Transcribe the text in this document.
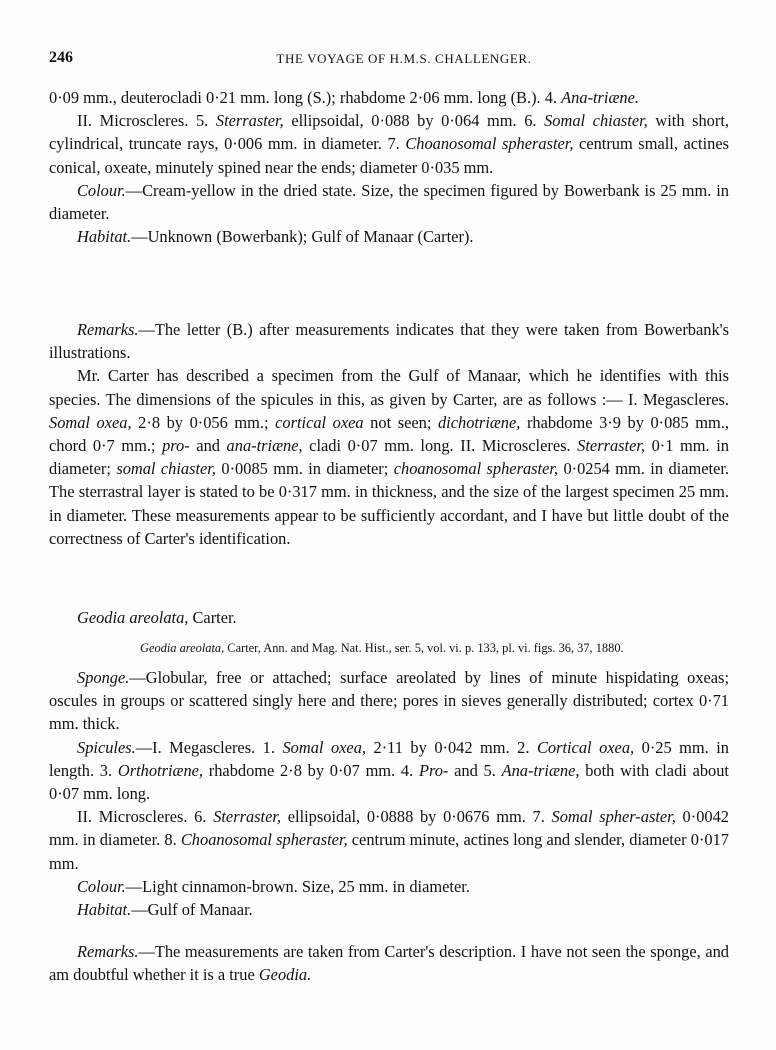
246	THE VOYAGE OF H.M.S. CHALLENGER.

0·09 mm., deuterocladi 0·21 mm. long (S.); rhabdome 2·06 mm. long (B.). 4. Ana-triæne.

II. Microscleres. 5. Sterraster, ellipsoidal, 0·088 by 0·064 mm. 6. Somal chiaster, with short, cylindrical, truncate rays, 0·006 mm. in diameter. 7. Choanosomal spheraster, centrum small, actines conical, oxeate, minutely spined near the ends; diameter 0·035 mm.

Colour.—Cream-yellow in the dried state. Size, the specimen figured by Bowerbank is 25 mm. in diameter.

Habitat.—Unknown (Bowerbank); Gulf of Manaar (Carter).

Remarks.—The letter (B.) after measurements indicates that they were taken from Bowerbank's illustrations.

Mr. Carter has described a specimen from the Gulf of Manaar, which he identifies with this species. The dimensions of the spicules in this, as given by Carter, are as follows :— I. Megascleres. Somal oxea, 2·8 by 0·056 mm.; cortical oxea not seen; dichotriæne, rhabdome 3·9 by 0·085 mm., chord 0·7 mm.; pro- and ana-triæne, cladi 0·07 mm. long. II. Microscleres. Sterraster, 0·1 mm. in diameter; somal chiaster, 0·0085 mm. in diameter; choanosomal spheraster, 0·0254 mm. in diameter. The sterrastral layer is stated to be 0·317 mm. in thickness, and the size of the largest specimen 25 mm. in diameter. These measurements appear to be sufficiently accordant, and I have but little doubt of the correctness of Carter's identification.

Geodia areolata, Carter.
Geodia areolata, Carter, Ann. and Mag. Nat. Hist., ser. 5, vol. vi. p. 133, pl. vi. figs. 36, 37, 1880.

Sponge.—Globular, free or attached; surface areolated by lines of minute hispidating oxeas; oscules in groups or scattered singly here and there; pores in sieves generally distributed; cortex 0·71 mm. thick.

Spicules.—I. Megascleres. 1. Somal oxea, 2·11 by 0·042 mm. 2. Cortical oxea, 0·25 mm. in length. 3. Orthotriæne, rhabdome 2·8 by 0·07 mm. 4. Pro- and 5. Ana-triæne, both with cladi about 0·07 mm. long.

II. Microscleres. 6. Sterraster, ellipsoidal, 0·0888 by 0·0676 mm. 7. Somal spher-aster, 0·0042 mm. in diameter. 8. Choanosomal spheraster, centrum minute, actines long and slender, diameter 0·017 mm.

Colour.—Light cinnamon-brown. Size, 25 mm. in diameter.

Habitat.—Gulf of Manaar.

Remarks.—The measurements are taken from Carter's description. I have not seen the sponge, and am doubtful whether it is a true Geodia.
